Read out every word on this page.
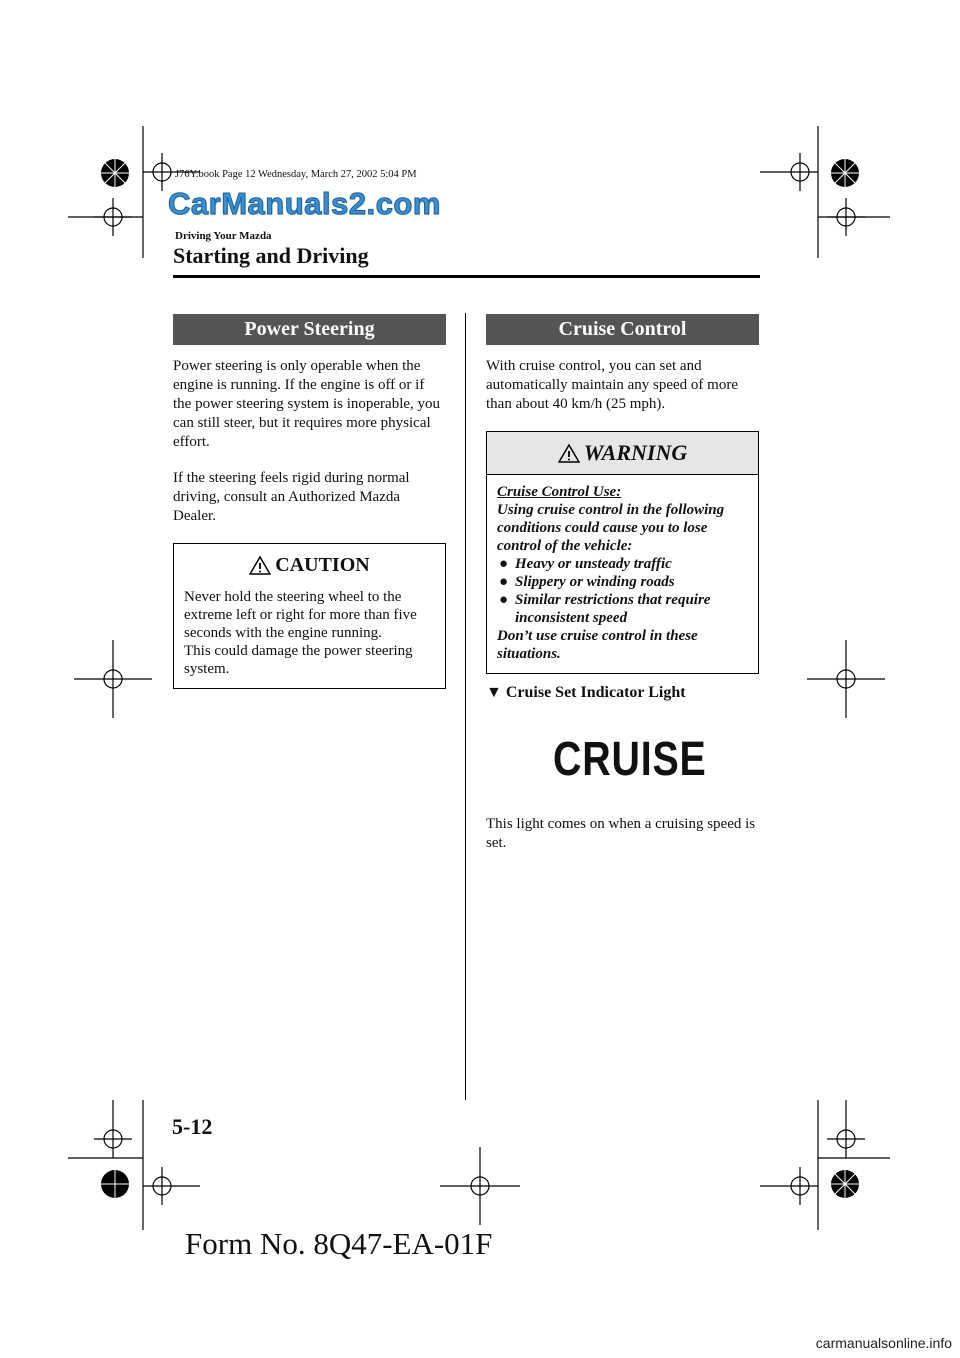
J76Y.book Page 12 Wednesday, March 27, 2002 5:04 PM
CarManuals2.com
Driving Your Mazda
Starting and Driving
Power Steering

Power steering is only operable when the engine is running. If the engine is off or if the power steering system is inoperable, you can still steer, but it requires more physical effort.

If the steering feels rigid during normal driving, consult an Authorized Mazda Dealer.

CAUTION
Never hold the steering wheel to the extreme left or right for more than five seconds with the engine running.
This could damage the power steering system.
Cruise Control

With cruise control, you can set and automatically maintain any speed of more than about 40 km/h (25 mph).

WARNING
Cruise Control Use:
Using cruise control in the following conditions could cause you to lose control of the vehicle:
● Heavy or unsteady traffic
● Slippery or winding roads
● Similar restrictions that require inconsistent speed
Don’t use cruise control in these situations.
▼ Cruise Set Indicator Light
CRUISE

This light comes on when a cruising speed is set.

5-12
Form No. 8Q47-EA-01F
carmanualsonline.info
